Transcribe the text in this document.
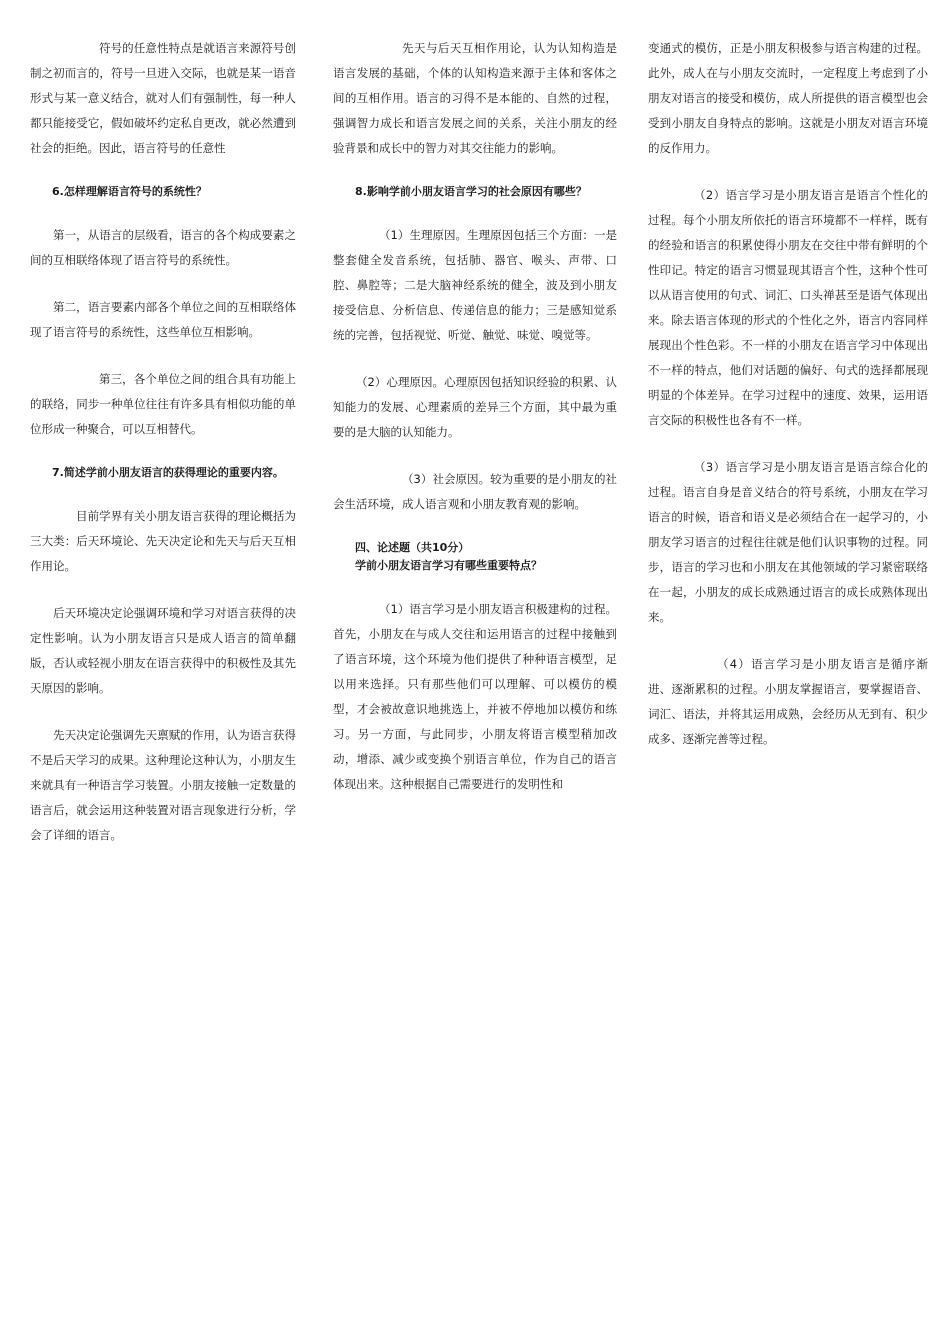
符号的任意性特点是就语言来源符号创制之初而言的，符号一旦进入交际，也就是某一语音形式与某一意义结合，就对人们有强制性，每一种人都只能接受它，假如破坏约定私自更改，就必然遭到社会的拒绝。因此，语言符号的任意性

6.怎样理解语言符号的系统性？

第一，从语言的层级看，语言的各个构成要素之间的互相联络体现了语言符号的系统性。

第二，语言要素内部各个单位之间的互相联络体现了语言符号的系统性，这些单位互相影响。

第三，各个单位之间的组合具有功能上的联络，同步一种单位往往有许多具有相似功能的单位形成一种聚合，可以互相替代。

7.简述学前小朋友语言的获得理论的重要内容。

目前学界有关小朋友语言获得的理论概括为三大类：后天环境论、先天决定论和先天与后天互相作用论。

后天环境决定论强调环境和学习对语言获得的决定性影响。认为小朋友语言只是成人语言的简单翻版，否认或轻视小朋友在语言获得中的积极性及其先天原因的影响。

先天决定论强调先天禀赋的作用，认为语言获得不是后天学习的成果。这种理论这种认为，小朋友生来就具有一种语言学习装置。小朋友接触一定数量的语言后，就会运用这种装置对语言现象进行分析，学会了详细的语言。

先天与后天互相作用论，认为认知构造是语言发展的基础，个体的认知构造来源于主体和客体之间的互相作用。语言的习得不是本能的、自然的过程，强调智力成长和语言发展之间的关系，关注小朋友的经验背景和成长中的智力对其交往能力的影响。

8.影响学前小朋友语言学习的社会原因有哪些？

（1）生理原因。生理原因包括三个方面：一是整套健全发音系统，包括肺、器官、喉头、声带、口腔、鼻腔等；二是大脑神经系统的健全，波及到小朋友接受信息、分析信息、传递信息的能力；三是感知觉系统的完善，包括视觉、听觉、触觉、味觉、嗅觉等。

（2）心理原因。心理原因包括知识经验的积累、认知能力的发展、心理素质的差异三个方面，其中最为重要的是大脑的认知能力。

（3）社会原因。较为重要的是小朋友的社会生活环境，成人语言观和小朋友教育观的影响。

四、论述题（共10分）
学前小朋友语言学习有哪些重要特点？

（1）语言学习是小朋友语言积极建构的过程。首先，小朋友在与成人交往和运用语言的过程中接触到了语言环境，这个环境为他们提供了种种语言模型，足以用来选择。只有那些他们可以理解、可以模仿的模型，才会被故意识地挑选上，并被不停地加以模仿和练习。另一方面，与此同步，小朋友将语言模型稍加改动，增添、减少或变换个别语言单位，作为自己的语言体现出来。这种根据自己需要进行的发明性和

变通式的模仿，正是小朋友积极参与语言构建的过程。此外，成人在与小朋友交流时，一定程度上考虑到了小朋友对语言的接受和模仿，成人所提供的语言模型也会受到小朋友自身特点的影响。这就是小朋友对语言环境的反作用力。

（2）语言学习是小朋友语言是语言个性化的过程。每个小朋友所依托的语言环境都不一样样，既有的经验和语言的积累使得小朋友在交往中带有鲜明的个性印记。特定的语言习惯显现其语言个性，这种个性可以从语言使用的句式、词汇、口头禅甚至是语气体现出来。除去语言体现的形式的个性化之外，语言内容同样展现出个性色彩。不一样的小朋友在语言学习中体现出不一样的特点，他们对话题的偏好、句式的选择都展现明显的个体差异。在学习过程中的速度、效果，运用语言交际的积极性也各有不一样。

（3）语言学习是小朋友语言是语言综合化的过程。语言自身是音义结合的符号系统，小朋友在学习语言的时候，语音和语义是必须结合在一起学习的，小朋友学习语言的过程往往就是他们认识事物的过程。同步，语言的学习也和小朋友在其他领域的学习紧密联络在一起，小朋友的成长成熟通过语言的成长成熟体现出来。

（4）语言学习是小朋友语言是循序渐进、逐渐累积的过程。小朋友掌握语言，要掌握语音、词汇、语法，并将其运用成熟，会经历从无到有、积少成多、逐渐完善等过程。
